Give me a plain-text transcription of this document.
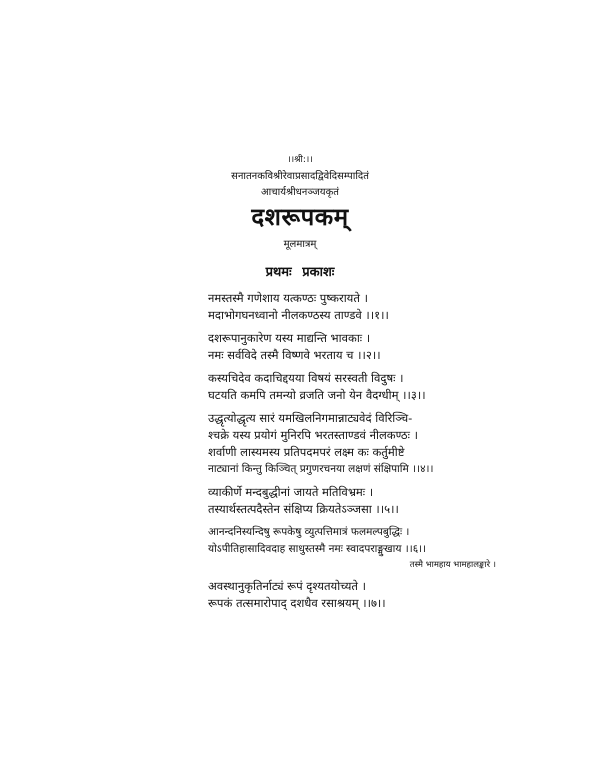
।।श्री:।।
सनातनकविश्रीरेवाप्रसादद्विवेदिसम्पादितं
आचार्यश्रीधनञ्जयकृतं
दशरूपकम्
मूलमात्रम्
प्रथमः प्रकाशः
नमस्तस्मै गणेशाय यत्कण्ठः पुष्करायते ।
मदाभोगघनध्वानो नीलकण्ठस्य ताण्डवे ।।१।।
दशरूपानुकारेण यस्य माद्यन्ति भावकाः ।
नमः सर्वविदे तस्मै विष्णवे भरताय च ।।२।।
कस्यचिदेव कदाचिद्दयया विषयं सरस्वती विदुषः ।
घटयति कमपि तमन्यो व्रजति जनो येन वैदग्धीम् ।।३।।
उद्धृत्योद्धृत्य सारं यमखिलनिगमान्नाट्यवेदं विरिञ्चि-
श्चक्रे यस्य प्रयोगं मुनिरपि भरतस्ताण्डवं नीलकण्ठः ।
शर्वाणी लास्यमस्य प्रतिपदमपरं लक्ष्म कः कर्तुमीष्टे
नाट्यानां किन्तु किञ्चित् प्रगुणरचनया लक्षणं संक्षिपामि ।।४।।
व्याकीर्णे मन्दबुद्धीनां जायते मतिविभ्रमः ।
तस्यार्थस्तत्पदैस्तेन संक्षिप्य क्रियतेऽञ्जसा ।।५।।
आनन्दनिस्यन्दिषु रूपकेषु व्युत्पत्तिमात्रं फलमल्पबुद्धिः ।
योऽपीतिहासादिवदाह साधुस्तस्मै नमः स्वादपराङ्मुखाय ।।६।।
तस्मै भामहाय भामहालङ्कारे ।
अवस्थानुकृतिर्नाट्यं रूपं दृश्यतयोच्यते ।
रूपकं तत्समारोपाद् दशधैव रसाश्रयम् ।।७।।
